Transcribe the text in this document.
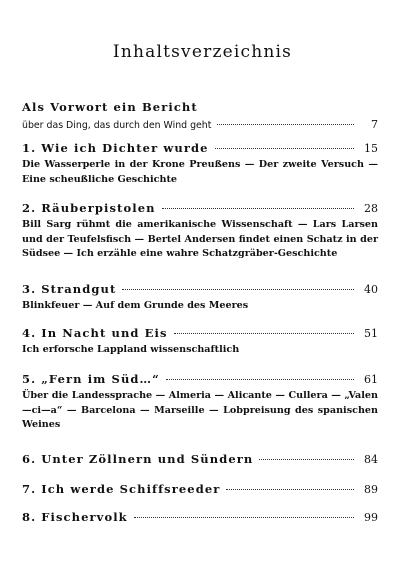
Inhaltsverzeichnis
Als Vorwort ein Bericht
über das Ding, das durch den Wind geht	7
1. Wie ich Dichter wurde	15
Die Wasserperle in der Krone Preußens — Der zweite Versuch — Eine scheußliche Geschichte
2. Räuberpistolen	28
Bill Sarg rühmt die amerikanische Wissenschaft — Lars Larsen und der Teufelsfisch — Bertel Andersen findet einen Schatz in der Südsee — Ich erzähle eine wahre Schatzgräber-Geschichte
3. Strandgut	40
Blinkfeuer — Auf dem Grunde des Meeres
4. In Nacht und Eis	51
Ich erforsche Lappland wissenschaftlich
5. „Fern im Süd…“	61
Über die Landessprache — Almeria — Alicante — Cullera — „Valen—ci—a“ — Barcelona — Marseille — Lobpreisung des spanischen Weines
6. Unter Zöllnern und Sündern	84
7. Ich werde Schiffsreeder	89
8. Fischervolk	99
